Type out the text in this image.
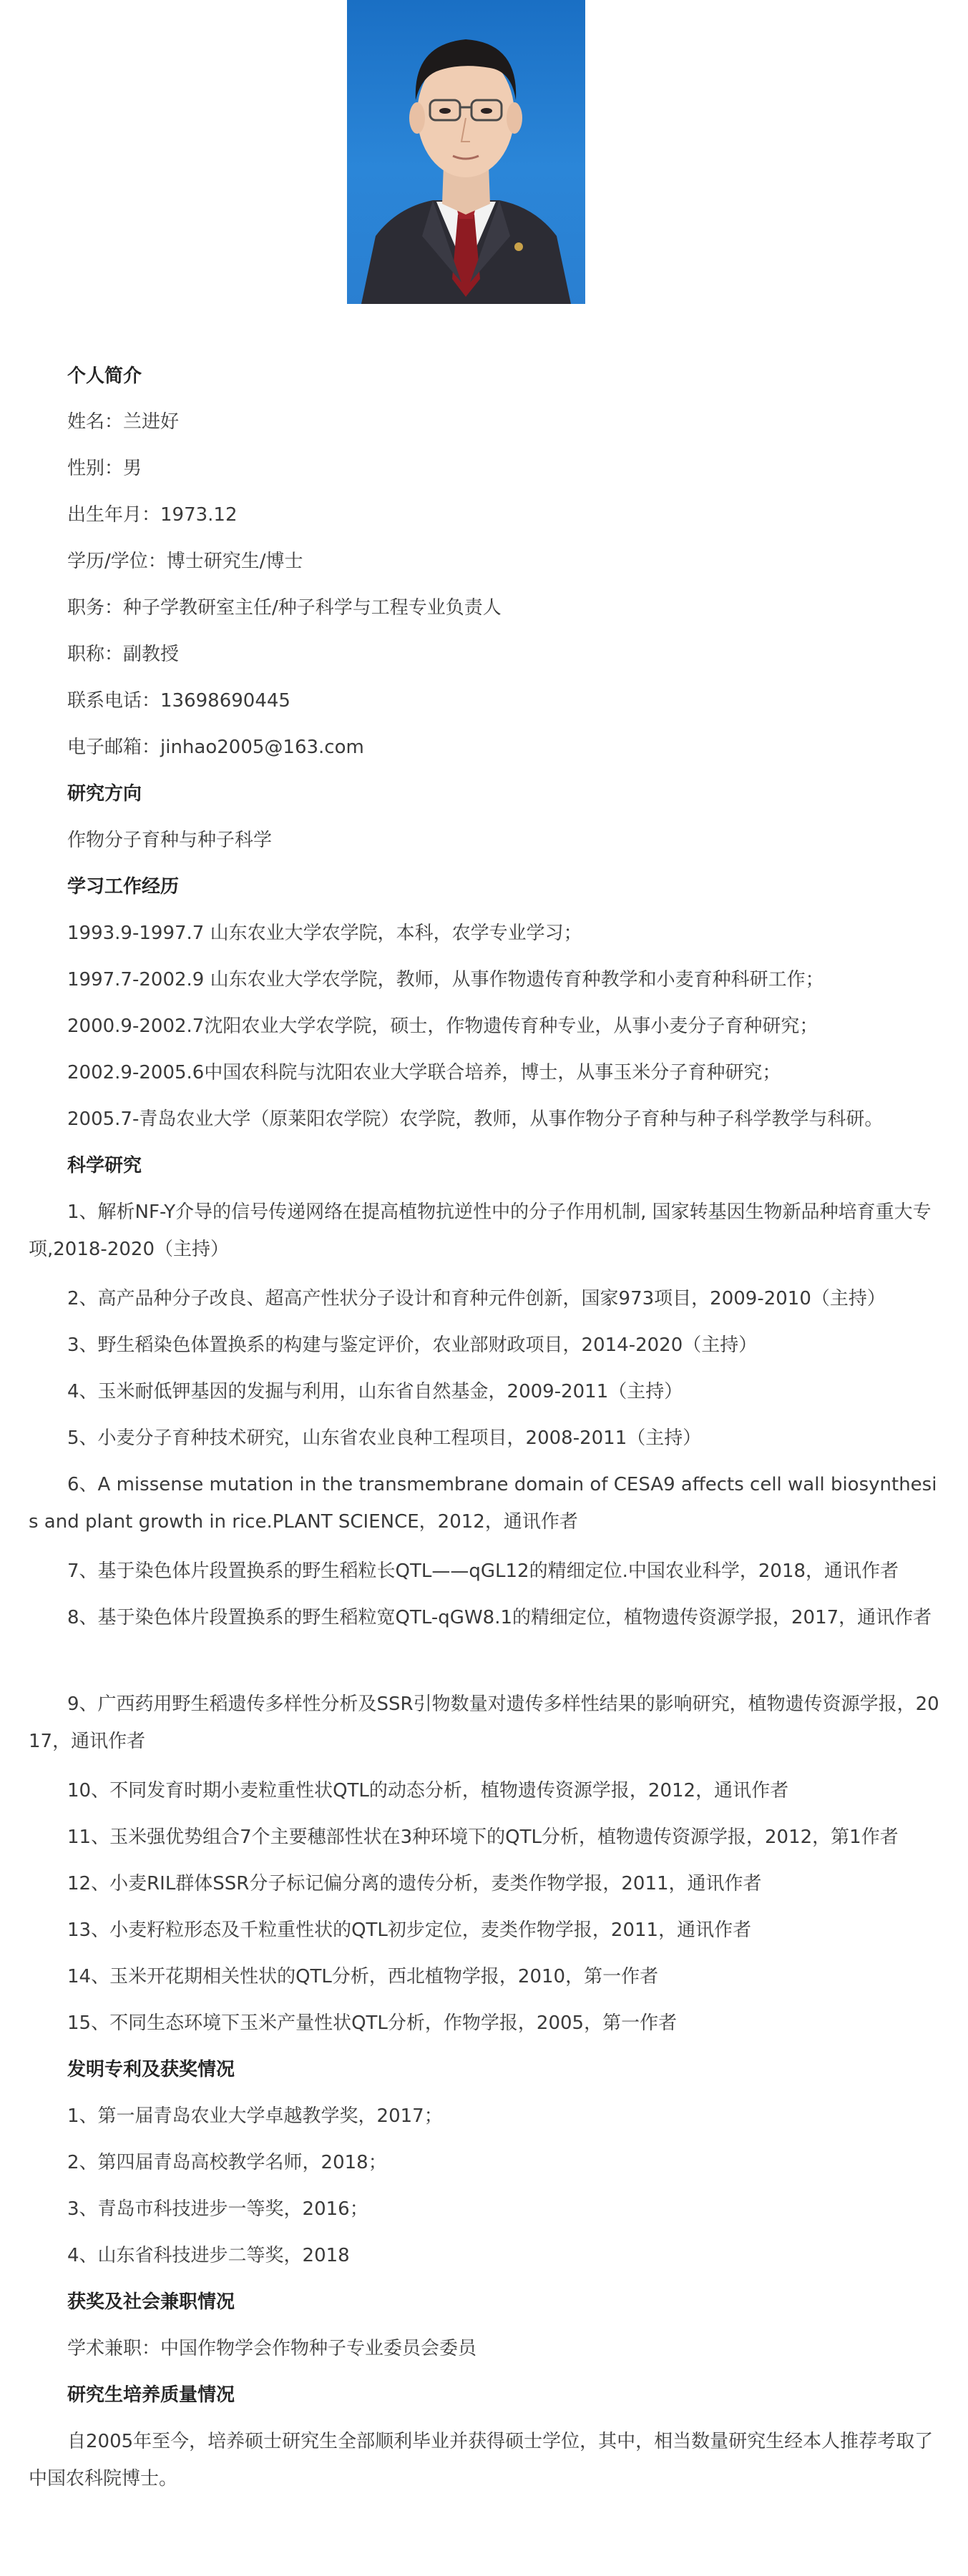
个人简介
姓名：兰进好
性别：男
出生年月：1973.12
学历/学位：博士研究生/博士
职务：种子学教研室主任/种子科学与工程专业负责人
职称：副教授
联系电话：13698690445
电子邮箱：jinhao2005@163.com
研究方向
作物分子育种与种子科学
学习工作经历
1993.9-1997.7 山东农业大学农学院，本科，农学专业学习；
1997.7-2002.9 山东农业大学农学院，教师，从事作物遗传育种教学和小麦育种科研工作；
2000.9-2002.7沈阳农业大学农学院，硕士，作物遗传育种专业，从事小麦分子育种研究；
2002.9-2005.6中国农科院与沈阳农业大学联合培养，博士，从事玉米分子育种研究；
2005.7-青岛农业大学（原莱阳农学院）农学院，教师，从事作物分子育种与种子科学教学与科研。
科学研究
1、解析NF-Y介导的信号传递网络在提高植物抗逆性中的分子作用机制, 国家转基因生物新品种培育重大专项,2018-2020（主持）
2、高产品种分子改良、超高产性状分子设计和育种元件创新，国家973项目，2009-2010（主持）
3、野生稻染色体置换系的构建与鉴定评价，农业部财政项目，2014-2020（主持）
4、玉米耐低钾基因的发掘与利用，山东省自然基金，2009-2011（主持）
5、小麦分子育种技术研究，山东省农业良种工程项目，2008-2011（主持）
6、A missense mutation in the transmembrane domain of CESA9 affects cell wall biosynthesis and plant growth in rice.PLANT SCIENCE，2012，通讯作者
7、基于染色体片段置换系的野生稻粒长QTL——qGL12的精细定位.中国农业科学，2018，通讯作者
8、基于染色体片段置换系的野生稻粒宽QTL-qGW8.1的精细定位，植物遗传资源学报，2017，通讯作者
9、广西药用野生稻遗传多样性分析及SSR引物数量对遗传多样性结果的影响研究，植物遗传资源学报，2017，通讯作者
10、不同发育时期小麦粒重性状QTL的动态分析，植物遗传资源学报，2012，通讯作者
11、玉米强优势组合7个主要穗部性状在3种环境下的QTL分析，植物遗传资源学报，2012，第1作者
12、小麦RIL群体SSR分子标记偏分离的遗传分析，麦类作物学报，2011，通讯作者
13、小麦籽粒形态及千粒重性状的QTL初步定位，麦类作物学报，2011，通讯作者
14、玉米开花期相关性状的QTL分析，西北植物学报，2010，第一作者
15、不同生态环境下玉米产量性状QTL分析，作物学报，2005，第一作者
发明专利及获奖情况
1、第一届青岛农业大学卓越教学奖，2017；
2、第四届青岛高校教学名师，2018；
3、青岛市科技进步一等奖，2016；
4、山东省科技进步二等奖，2018
获奖及社会兼职情况
学术兼职：中国作物学会作物种子专业委员会委员
研究生培养质量情况
自2005年至今，培养硕士研究生全部顺利毕业并获得硕士学位，其中，相当数量研究生经本人推荐考取了中国农科院博士。
